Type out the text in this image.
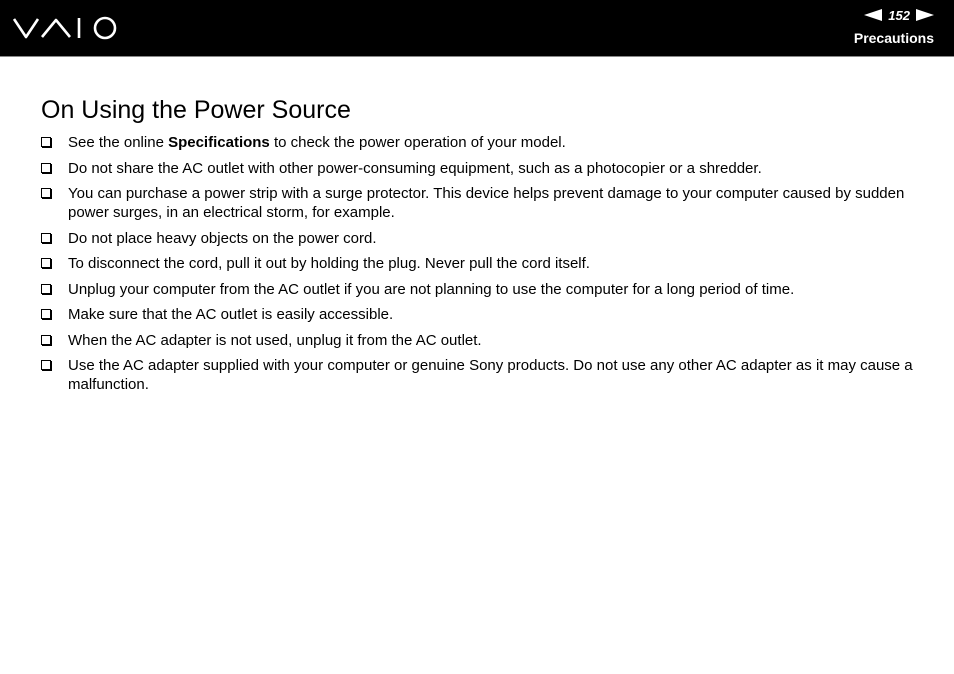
152
Precautions
On Using the Power Source
See the online Specifications to check the power operation of your model.
Do not share the AC outlet with other power-consuming equipment, such as a photocopier or a shredder.
You can purchase a power strip with a surge protector. This device helps prevent damage to your computer caused by sudden power surges, in an electrical storm, for example.
Do not place heavy objects on the power cord.
To disconnect the cord, pull it out by holding the plug. Never pull the cord itself.
Unplug your computer from the AC outlet if you are not planning to use the computer for a long period of time.
Make sure that the AC outlet is easily accessible.
When the AC adapter is not used, unplug it from the AC outlet.
Use the AC adapter supplied with your computer or genuine Sony products. Do not use any other AC adapter as it may cause a malfunction.
